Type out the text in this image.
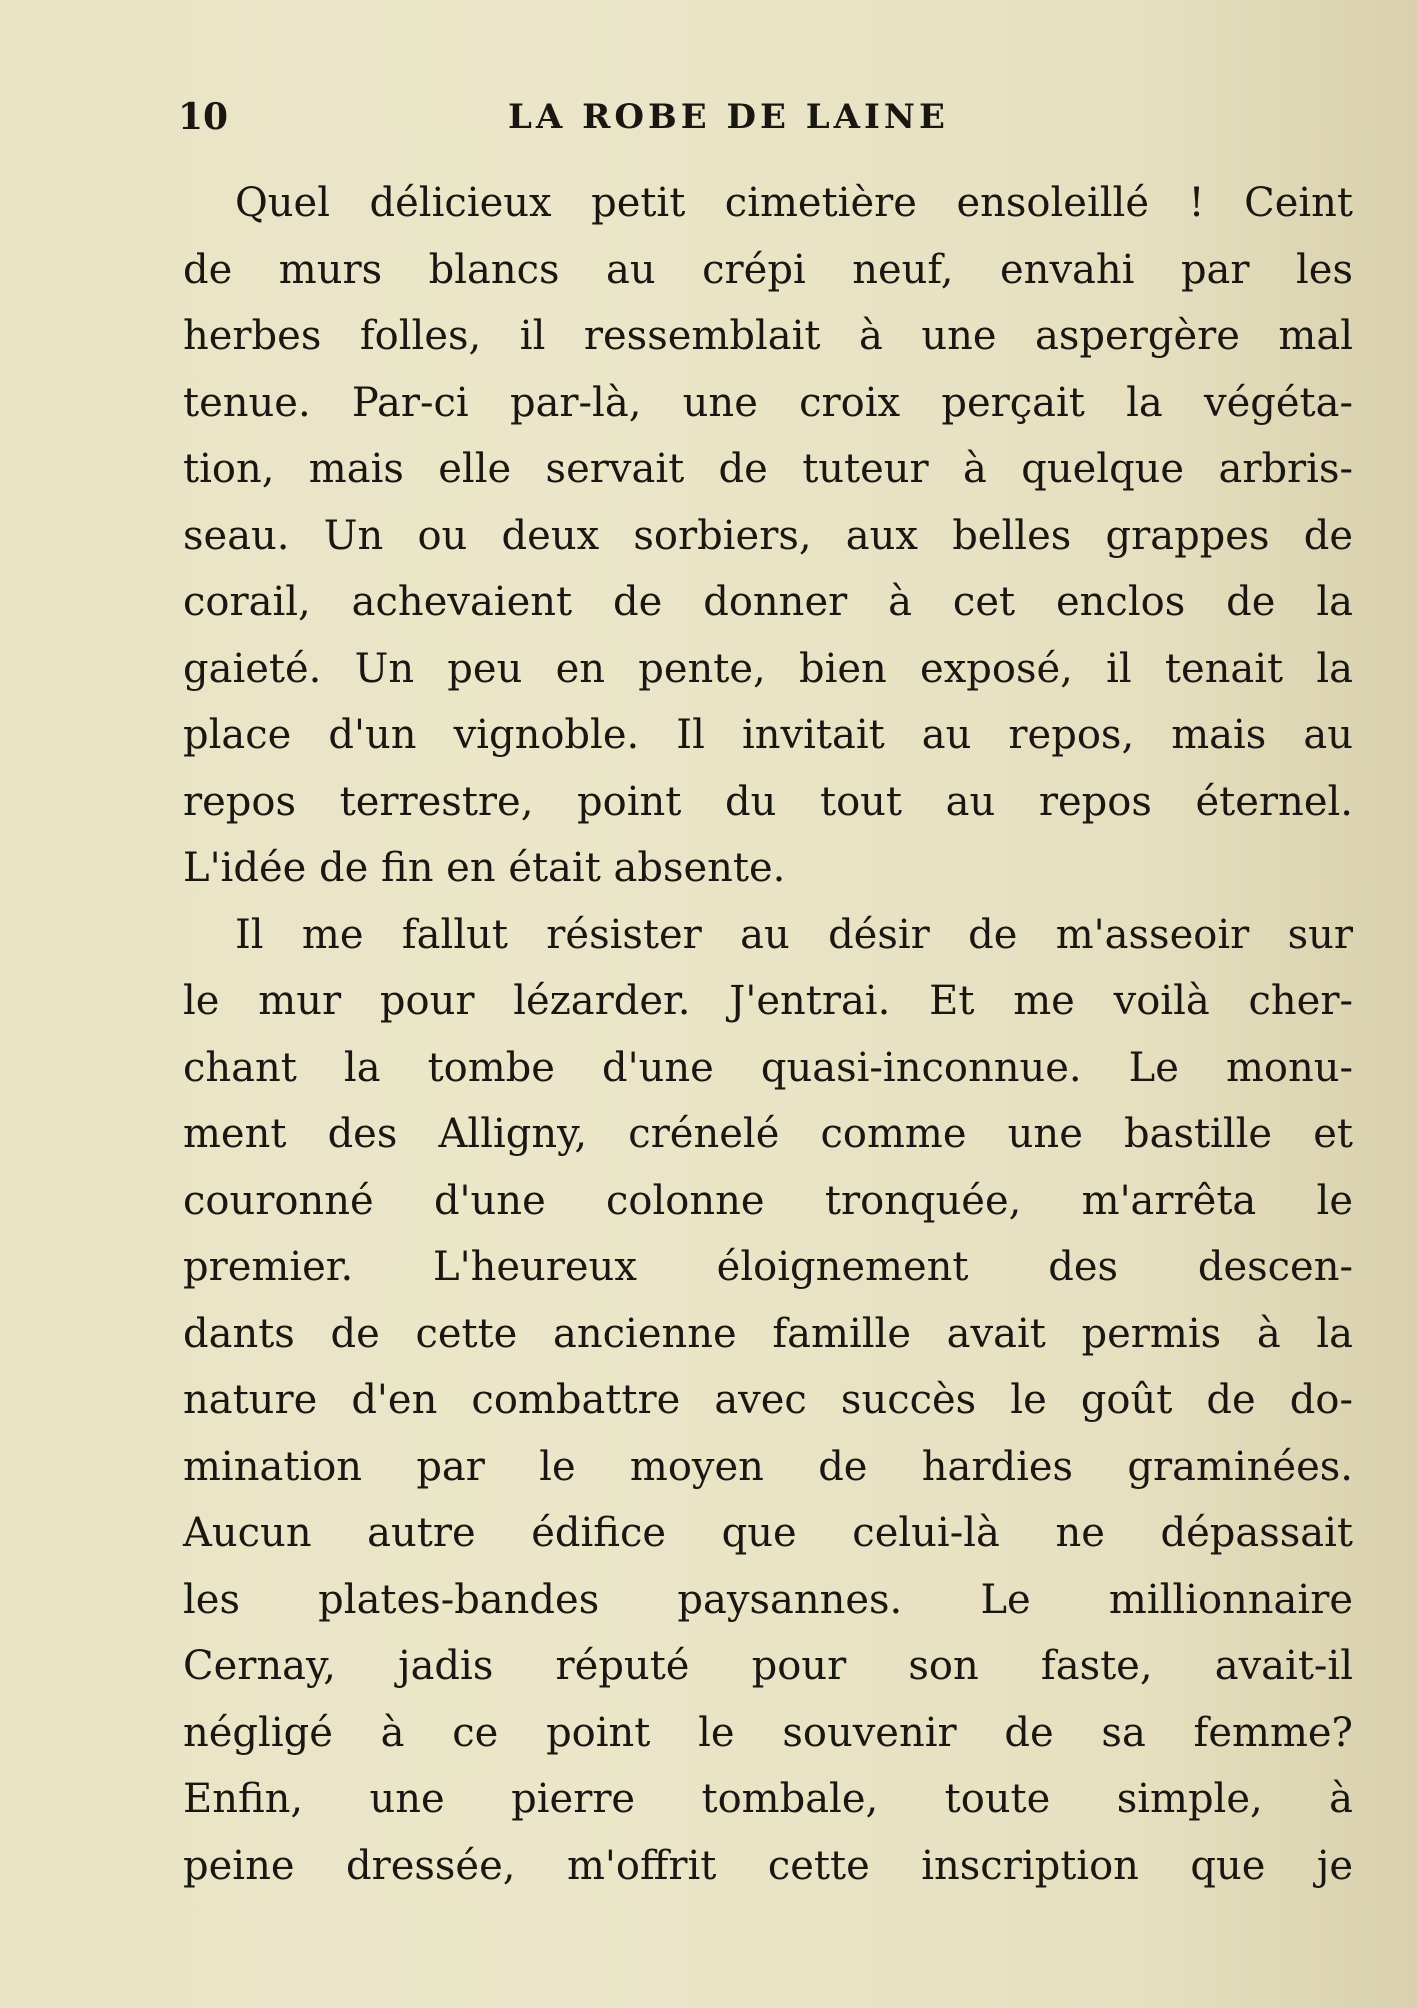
10	LA ROBE DE LAINE
Quel délicieux petit cimetière ensoleillé ! Ceint
de murs blancs au crépi neuf, envahi par les
herbes folles, il ressemblait à une aspergère mal
tenue. Par-ci par-là, une croix perçait la végéta-
tion, mais elle servait de tuteur à quelque arbris-
seau. Un ou deux sorbiers, aux belles grappes de
corail, achevaient de donner à cet enclos de la
gaieté. Un peu en pente, bien exposé, il tenait la
place d'un vignoble. Il invitait au repos, mais au
repos terrestre, point du tout au repos éternel.
L'idée de fin en était absente.
Il me fallut résister au désir de m'asseoir sur
le mur pour lézarder. J'entrai. Et me voilà cher-
chant la tombe d'une quasi-inconnue. Le monu-
ment des Alligny, crénelé comme une bastille et
couronné d'une colonne tronquée, m'arrêta le
premier. L'heureux éloignement des descen-
dants de cette ancienne famille avait permis à la
nature d'en combattre avec succès le goût de do-
mination par le moyen de hardies graminées.
Aucun autre édifice que celui-là ne dépassait
les plates-bandes paysannes. Le millionnaire
Cernay, jadis réputé pour son faste, avait-il
négligé à ce point le souvenir de sa femme?
Enfin, une pierre tombale, toute simple, à
peine dressée, m'offrit cette inscription que je
